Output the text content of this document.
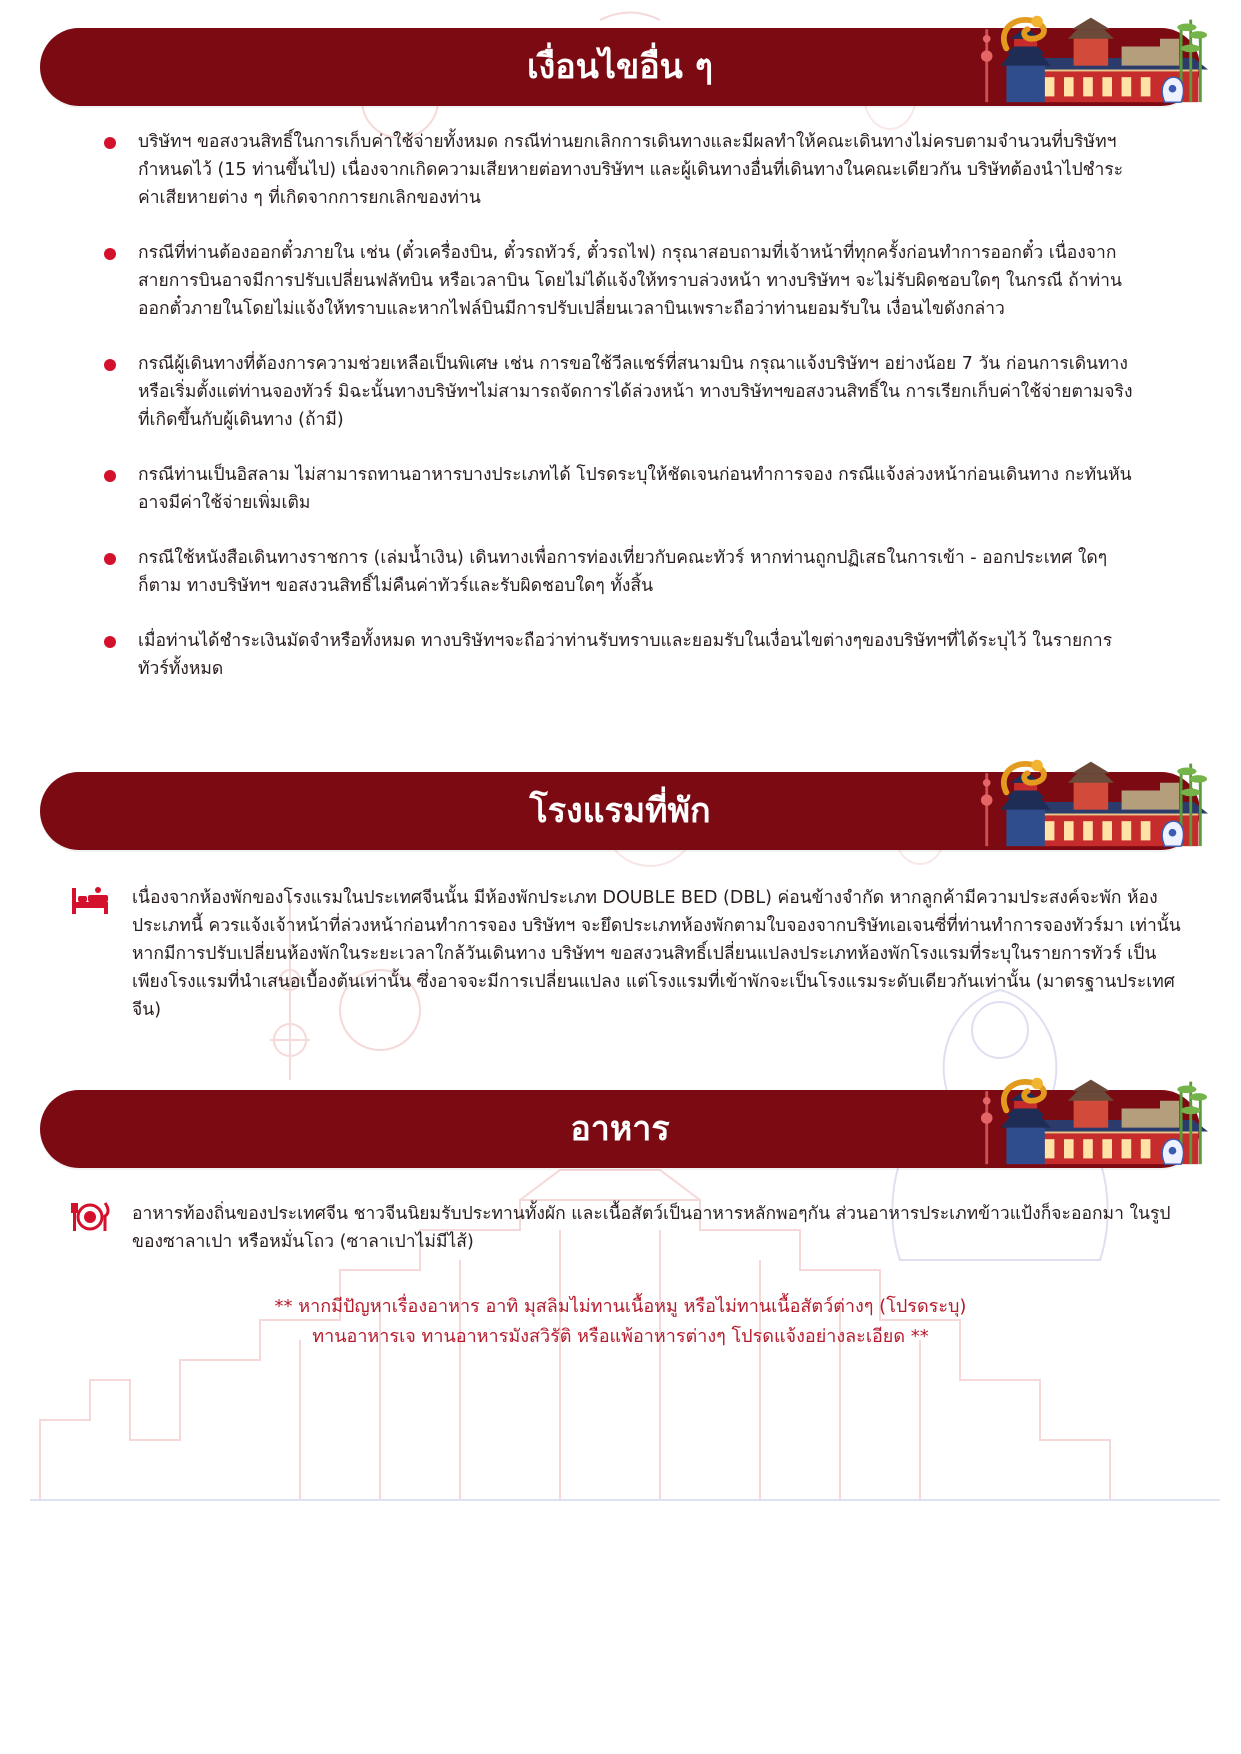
เงื่อนไขอื่น ๆ
บริษัทฯ ขอสงวนสิทธิ์ในการเก็บค่าใช้จ่ายทั้งหมด กรณีท่านยกเลิกการเดินทางและมีผลทำให้คณะเดินทางไม่ครบตามจำนวนที่บริษัทฯ กำหนดไว้ (15 ท่านขึ้นไป) เนื่องจากเกิดความเสียหายต่อทางบริษัทฯ และผู้เดินทางอื่นที่เดินทางในคณะเดียวกัน บริษัทต้องนำไปชำระค่าเสียหายต่าง ๆ ที่เกิดจากการยกเลิกของท่าน
กรณีที่ท่านต้องออกตั๋วภายใน เช่น (ตั๋วเครื่องบิน, ตั๋วรถทัวร์, ตั๋วรถไฟ) กรุณาสอบถามที่เจ้าหน้าที่ทุกครั้งก่อนทำการออกตั๋ว เนื่องจากสายการบินอาจมีการปรับเปลี่ยนฟลัทบิน หรือเวลาบิน โดยไม่ได้แจ้งให้ทราบล่วงหน้า ทางบริษัทฯ จะไม่รับผิดชอบใดๆ ในกรณี ถ้าท่านออกตั๋วภายในโดยไม่แจ้งให้ทราบและหากไฟล์บินมีการปรับเปลี่ยนเวลาบินเพราะถือว่าท่านยอมรับใน เงื่อนไขดังกล่าว
กรณีผู้เดินทางที่ต้องการความช่วยเหลือเป็นพิเศษ เช่น การขอใช้วีลแชร์ที่สนามบิน กรุณาแจ้งบริษัทฯ อย่างน้อย 7 วัน ก่อนการเดินทาง หรือเริ่มตั้งแต่ท่านจองทัวร์ มิฉะนั้นทางบริษัทฯไม่สามารถจัดการได้ล่วงหน้า ทางบริษัทฯขอสงวนสิทธิ์ใน การเรียกเก็บค่าใช้จ่ายตามจริงที่เกิดขึ้นกับผู้เดินทาง (ถ้ามี)
กรณีท่านเป็นอิสลาม ไม่สามารถทานอาหารบางประเภทได้ โปรดระบุให้ชัดเจนก่อนทำการจอง กรณีแจ้งล่วงหน้าก่อนเดินทาง กะทันหัน อาจมีค่าใช้จ่ายเพิ่มเติม
กรณีใช้หนังสือเดินทางราชการ (เล่มน้ำเงิน) เดินทางเพื่อการท่องเที่ยวกับคณะทัวร์ หากท่านถูกปฏิเสธในการเข้า - ออกประเทศ ใดๆ ก็ตาม ทางบริษัทฯ ขอสงวนสิทธิ์ไม่คืนค่าทัวร์และรับผิดชอบใดๆ ทั้งสิ้น
เมื่อท่านได้ชำระเงินมัดจำหรือทั้งหมด ทางบริษัทฯจะถือว่าท่านรับทราบและยอมรับในเงื่อนไขต่างๆของบริษัทฯที่ได้ระบุไว้ ในรายการทัวร์ทั้งหมด
โรงแรมที่พัก
เนื่องจากห้องพักของโรงแรมในประเทศจีนนั้น มีห้องพักประเภท DOUBLE BED (DBL) ค่อนข้างจำกัด หากลูกค้ามีความประสงค์จะพัก ห้องประเภทนี้ ควรแจ้งเจ้าหน้าที่ล่วงหน้าก่อนทำการจอง บริษัทฯ จะยึดประเภทห้องพักตามใบจองจากบริษัทเอเจนซี่ที่ท่านทำการจองทัวร์มา เท่านั้น หากมีการปรับเปลี่ยนห้องพักในระยะเวลาใกล้วันเดินทาง บริษัทฯ ขอสงวนสิทธิ์เปลี่ยนแปลงประเภทห้องพักโรงแรมที่ระบุในรายการทัวร์ เป็นเพียงโรงแรมที่นำเสนอเบื้องต้นเท่านั้น ซึ่งอาจจะมีการเปลี่ยนแปลง แต่โรงแรมที่เข้าพักจะเป็นโรงแรมระดับเดียวกันเท่านั้น (มาตรฐานประเทศจีน)
อาหาร
อาหารท้องถิ่นของประเทศจีน ชาวจีนนิยมรับประทานทั้งผัก และเนื้อสัตว์เป็นอาหารหลักพอๆกัน ส่วนอาหารประเภทข้าวแป้งก็จะออกมา ในรูปของซาลาเปา หรือหมั่นโถว (ซาลาเปาไม่มีไส้)
** หากมีปัญหาเรื่องอาหาร อาทิ มุสลิมไม่ทานเนื้อหมู หรือไม่ทานเนื้อสัตว์ต่างๆ (โปรดระบุ)
ทานอาหารเจ ทานอาหารมังสวิรัติ หรือแพ้อาหารต่างๆ โปรดแจ้งอย่างละเอียด **
